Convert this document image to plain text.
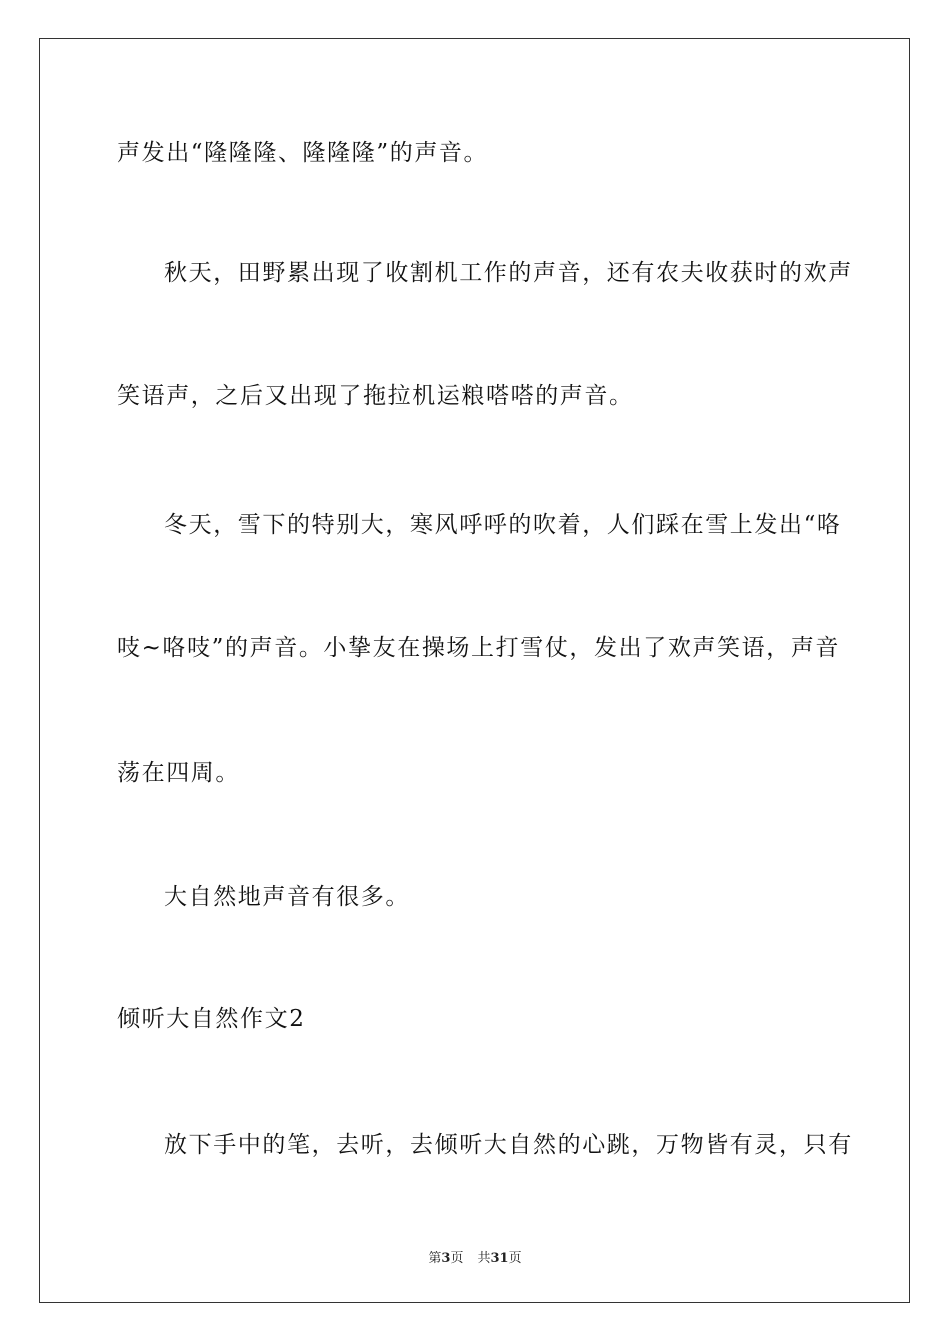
声发出“隆隆隆、隆隆隆”的声音。

秋天，田野累出现了收割机工作的声音，还有农夫收获时的欢声

笑语声，之后又出现了拖拉机运粮嗒嗒的声音。

冬天，雪下的特别大，寒风呼呼的吹着，人们踩在雪上发出“咯

吱~咯吱”的声音。小挚友在操场上打雪仗，发出了欢声笑语，声音

荡在四周。

大自然地声音有很多。

倾听大自然作文2

放下手中的笔，去听，去倾听大自然的心跳，万物皆有灵，只有

第3页 共31页
